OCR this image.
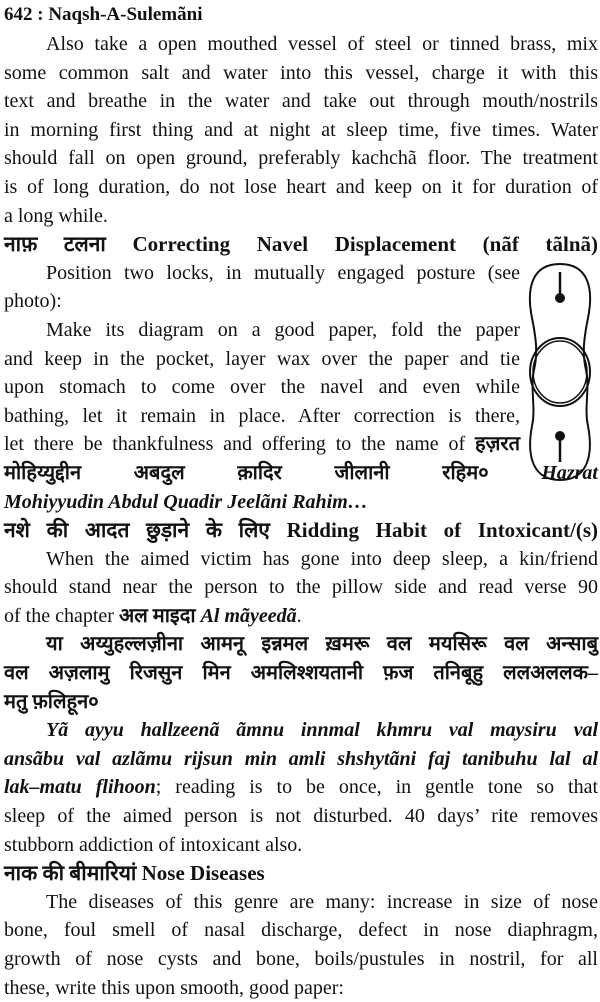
642 : Naqsh-A-Sulemãni
Also take a open mouthed vessel of steel or tinned brass, mix
some common salt and water into this vessel, charge it with this
text and breathe in the water and take out through mouth/nostrils
in morning first thing and at night at sleep time, five times. Water
should fall on open ground, preferably kachchã floor. The treatment
is of long duration, do not lose heart and keep on it for duration of
a long while.
नाफ़ टलना Correcting Navel Displacement (nãf tãlnã)
Position two locks, in mutually engaged posture (see
photo):
Make its diagram on a good paper, fold the paper
and keep in the pocket, layer wax over the paper and tie
upon stomach to come over the navel and even while
bathing, let it remain in place. After correction is there,
let there be thankfulness and offering to the name of हज़रत
मोहिय्युद्दीन अबदुल क़ादिर जीलानी रहिम० Hazrat
Mohiyyudin Abdul Quadir Jeelãni Rahim…
नशे की आदत छुड़ाने के लिए Ridding Habit of Intoxicant/(s)
When the aimed victim has gone into deep sleep, a kin/friend
should stand near the person to the pillow side and read verse 90
of the chapter अल माइदा Al mãyeedã.
या अय्युहल्लज़ीना आमनू इन्नमल ख़मरू वल मयसिरू वल अन्साबु
वल अज़लामु रिजसुन मिन अमलिश्शयतानी फ़ज तनिबूहु ललअललक–
मतु फ़लिहून०
Yã ayyu hallzeenã ãmnu innmal khmru val maysiru val
ansãbu val azlãmu rijsun min amli shshytãni faj tanibuhu lal al
lak–matu flihoon; reading is to be once, in gentle tone so that
sleep of the aimed person is not disturbed. 40 days’ rite removes
stubborn addiction of intoxicant also.
नाक की बीमारियां Nose Diseases
The diseases of this genre are many: increase in size of nose
bone, foul smell of nasal discharge, defect in nose diaphragm,
growth of nose cysts and bone, boils/pustules in nostril, for all
these, write this upon smooth, good paper:
